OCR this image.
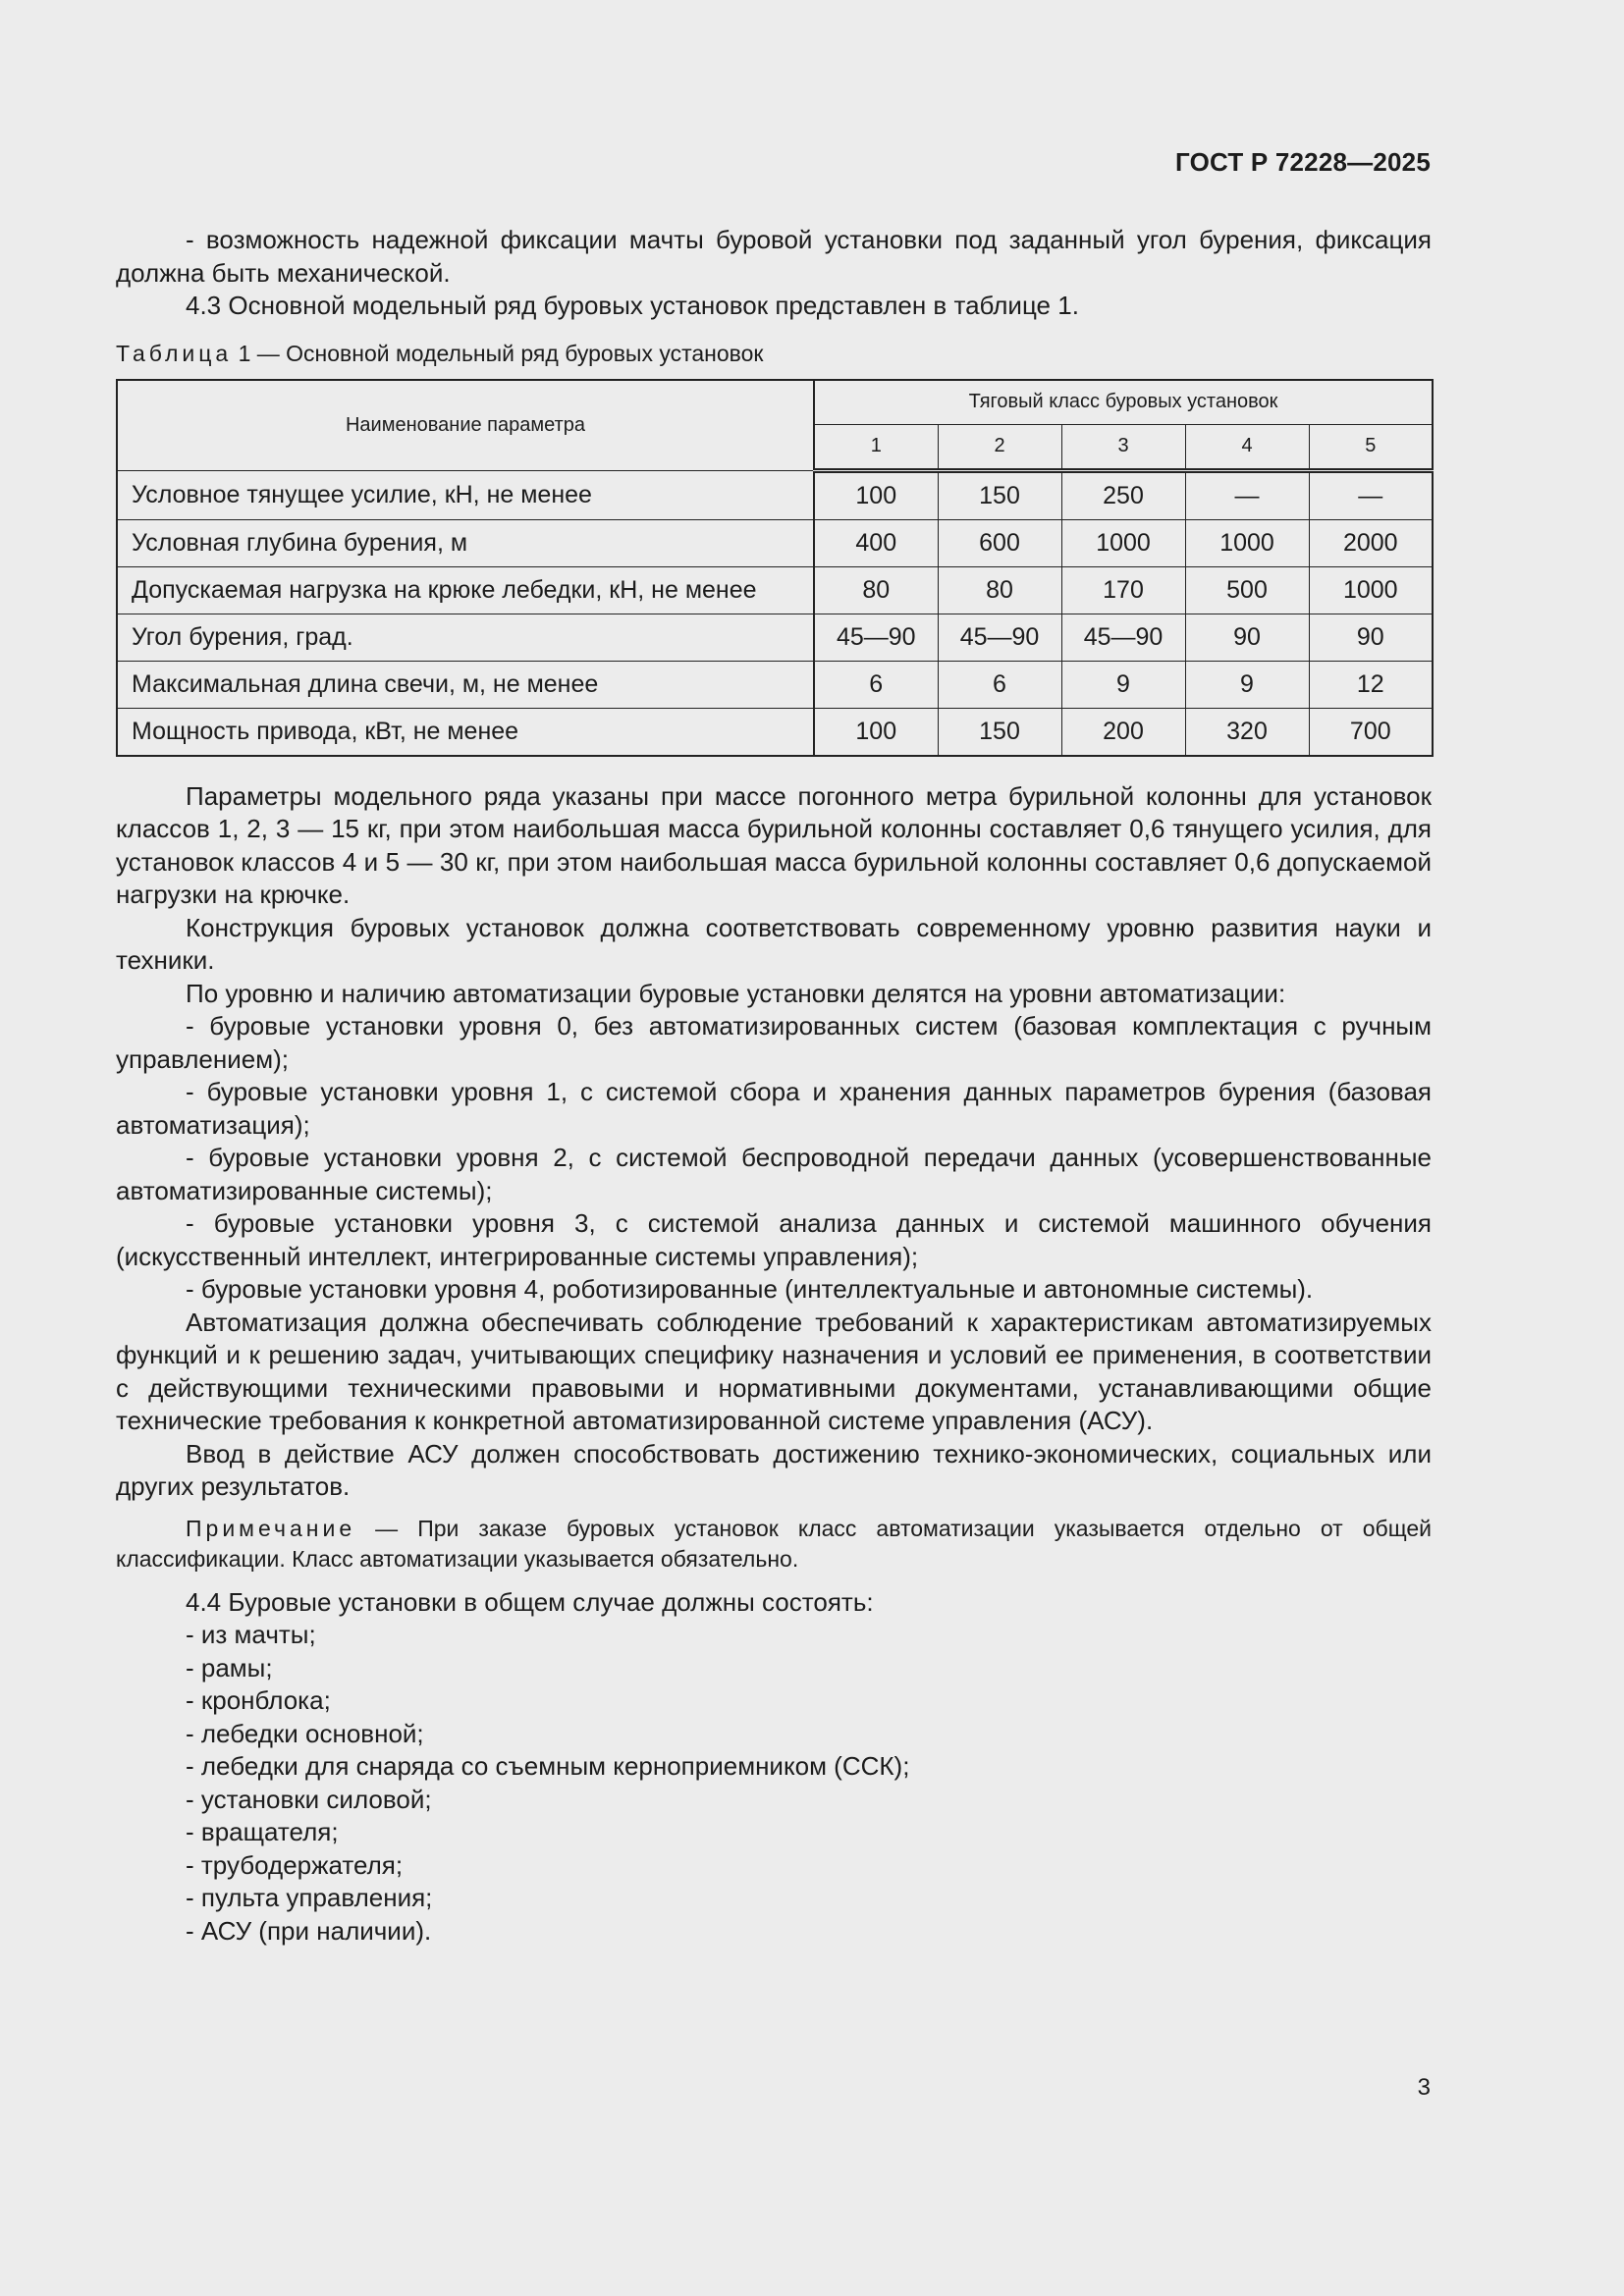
ГОСТ Р 72228—2025

- возможность надежной фиксации мачты буровой установки под заданный угол бурения, фиксация должна быть механической.

4.3 Основной модельный ряд буровых установок представлен в таблице 1.

Таблица 1 — Основной модельный ряд буровых установок
Наименование параметра	Тяговый класс буровых установок				
	1	2	3	4	5
Условное тянущее усилие, кН, не менее	100	150	250	—	—
Условная глубина бурения, м	400	600	1000	1000	2000
Допускаемая нагрузка на крюке лебедки, кН, не менее	80	80	170	500	1000
Угол бурения, град.	45—90	45—90	45—90	90	90
Максимальная длина свечи, м, не менее	6	6	9	9	12
Мощность привода, кВт, не менее	100	150	200	320	700

Параметры модельного ряда указаны при массе погонного метра бурильной колонны для установок классов 1, 2, 3 — 15 кг, при этом наибольшая масса бурильной колонны составляет 0,6 тянущего усилия, для установок классов 4 и 5 — 30 кг, при этом наибольшая масса бурильной колонны составляет 0,6 допускаемой нагрузки на крючке.

Конструкция буровых установок должна соответствовать современному уровню развития науки и техники.

По уровню и наличию автоматизации буровые установки делятся на уровни автоматизации:

- буровые установки уровня 0, без автоматизированных систем (базовая комплектация с ручным управлением);

- буровые установки уровня 1, с системой сбора и хранения данных параметров бурения (базовая автоматизация);

- буровые установки уровня 2, с системой беспроводной передачи данных (усовершенствованные автоматизированные системы);

- буровые установки уровня 3, с системой анализа данных и системой машинного обучения (искусственный интеллект, интегрированные системы управления);

- буровые установки уровня 4, роботизированные (интеллектуальные и автономные системы).

Автоматизация должна обеспечивать соблюдение требований к характеристикам автоматизируемых функций и к решению задач, учитывающих специфику назначения и условий ее применения, в соответствии с действующими техническими правовыми и нормативными документами, устанавливающими общие технические требования к конкретной автоматизированной системе управления (АСУ).

Ввод в действие АСУ должен способствовать достижению технико-экономических, социальных или других результатов.

Примечание — При заказе буровых установок класс автоматизации указывается отдельно от общей классификации. Класс автоматизации указывается обязательно.

4.4 Буровые установки в общем случае должны состоять:

- из мачты;

- рамы;

- кронблока;

- лебедки основной;

- лебедки для снаряда со съемным керноприемником (ССК);

- установки силовой;

- вращателя;

- трубодержателя;

- пульта управления;

- АСУ (при наличии).

3
